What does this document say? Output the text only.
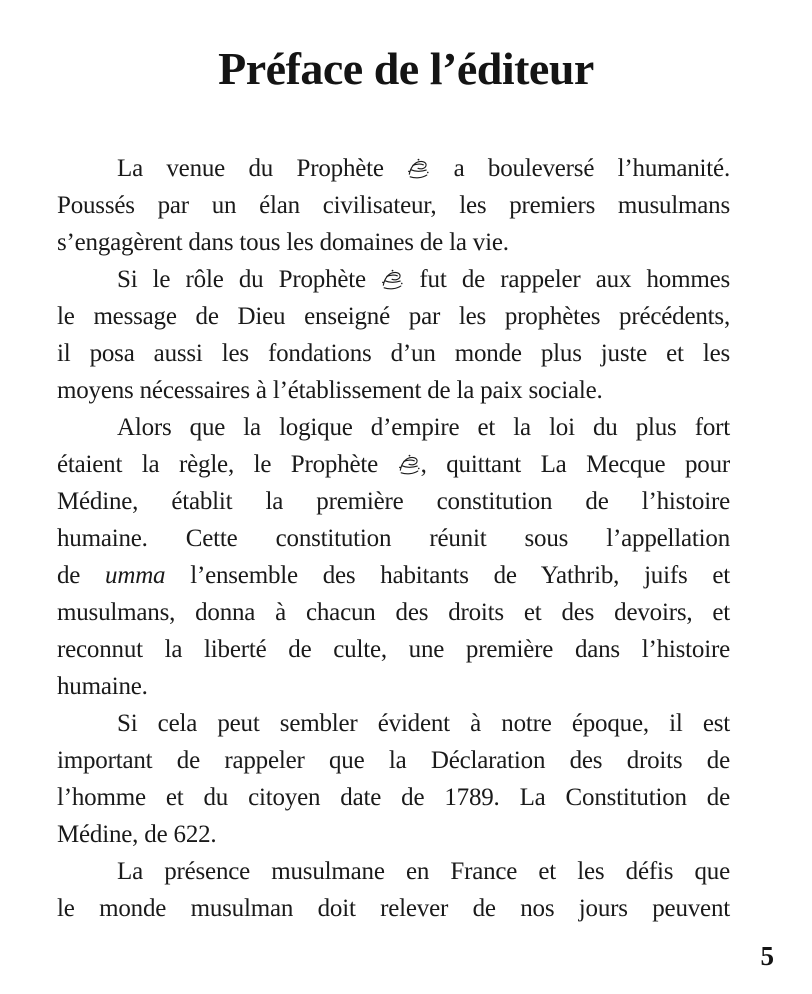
Préface de l’éditeur
La venue du Prophète
a bouleversé l’humanité.
Poussés par un élan civilisateur, les premiers musulmans
s’engagèrent dans tous les domaines de la vie.
Si le rôle du Prophète
fut de rappeler aux hommes
le message de Dieu enseigné par les prophètes précédents,
il posa aussi les fondations d’un monde plus juste et les
moyens nécessaires à l’établissement de la paix sociale.
Alors que la logique d’empire et la loi du plus fort
étaient la règle, le Prophète
, quittant La Mecque pour
Médine, établit la première constitution de l’histoire
humaine. Cette constitution réunit sous l’appellation
de umma l’ensemble des habitants de Yathrib, juifs et
musulmans, donna à chacun des droits et des devoirs, et
reconnut la liberté de culte, une première dans l’histoire
humaine.
Si cela peut sembler évident à notre époque, il est
important de rappeler que la Déclaration des droits de
l’homme et du citoyen date de 1789. La Constitution de
Médine, de 622.
La présence musulmane en France et les défis que
le monde musulman doit relever de nos jours peuvent
5
